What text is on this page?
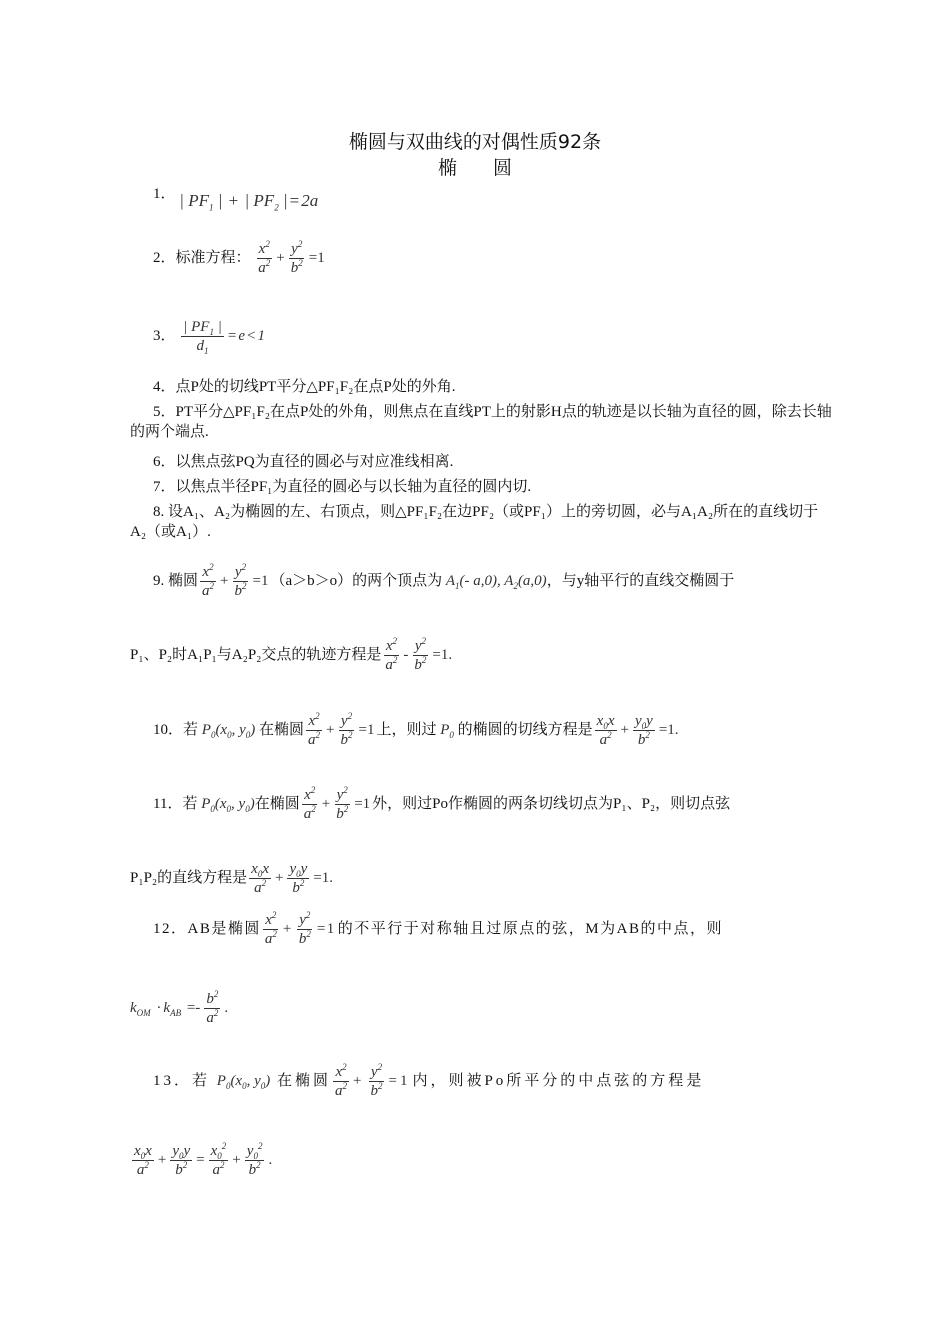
椭圆与双曲线的对偶性质92条
椭 圆
1． | $PF_1$ | + | $PF_2$ | = 2a
2．标准方程： $\frac{x^2}{a^2} + \frac{y^2}{b^2} =1$
3． $\frac{| PF_1 |}{d_1} = e < 1$
4．点P处的切线PT平分△PF₁F₂在点P处的外角.
5．PT平分△PF₁F₂在点P处的外角，则焦点在直线PT上的射影H点的轨迹是以长轴为直径的圆，除去长轴的两个端点.
6．以焦点弦PQ为直径的圆必与对应准线相离.
7．以焦点半径PF₁为直径的圆必与以长轴为直径的圆内切.
8. 设A₁、A₂为椭圆的左、右顶点，则△PF₁F₂在边PF₂（或PF₁）上的旁切圆，必与A₁A₂所在的直线切于A₂（或A₁）.
9. 椭圆 $\frac{x^2}{a^2} + \frac{y^2}{b^2} =1$ （a＞b＞o）的两个顶点为 $A_1(-$ a,0), $A_2(a,0)$，与y轴平行的直线交椭圆于
P₁、P₂时A₁P₁与A₂P₂交点的轨迹方程是 $\frac{x^2}{a^2} - \frac{y^2}{b^2} =1$.
10．若 $P_0(x_0$, $y_0$) 在椭圆 $\frac{x^2}{a^2} + \frac{y^2}{b^2} =1$ 上，则过 $P_0$ 的椭圆的切线方程是 $\frac{x_0x}{a^2} + \frac{y_0y}{b^2} =1$.
11．若 $P_0(x_0$, $y_0$)在椭圆 $\frac{x^2}{a^2} + \frac{y^2}{b^2} =1$ 外，则过Po作椭圆的两条切线切点为P₁、P₂，则切点弦
P₁P₂的直线方程是 $\frac{x_0x}{a^2} + \frac{y_0y}{b^2} =1$.
12．AB是椭圆 $\frac{x^2}{a^2} + \frac{y^2}{b^2} =1$ 的不平行于对称轴且过原点的弦，M为AB的中点，则
$k_{OM} \cdot k_{AB} =- \frac{b^2}{a^2}$ .
13．若 $P_0(x_0$, $y_0$) 在椭圆 $\frac{x^2}{a^2} + \frac{y^2}{b^2} =1$ 内，则被Po所平分的中点弦的方程是
$\frac{x_0x}{a^2} + \frac{y_0y}{b^2} = \frac{x_0^2}{a^2} + \frac{y_0^2}{b^2}$ .
